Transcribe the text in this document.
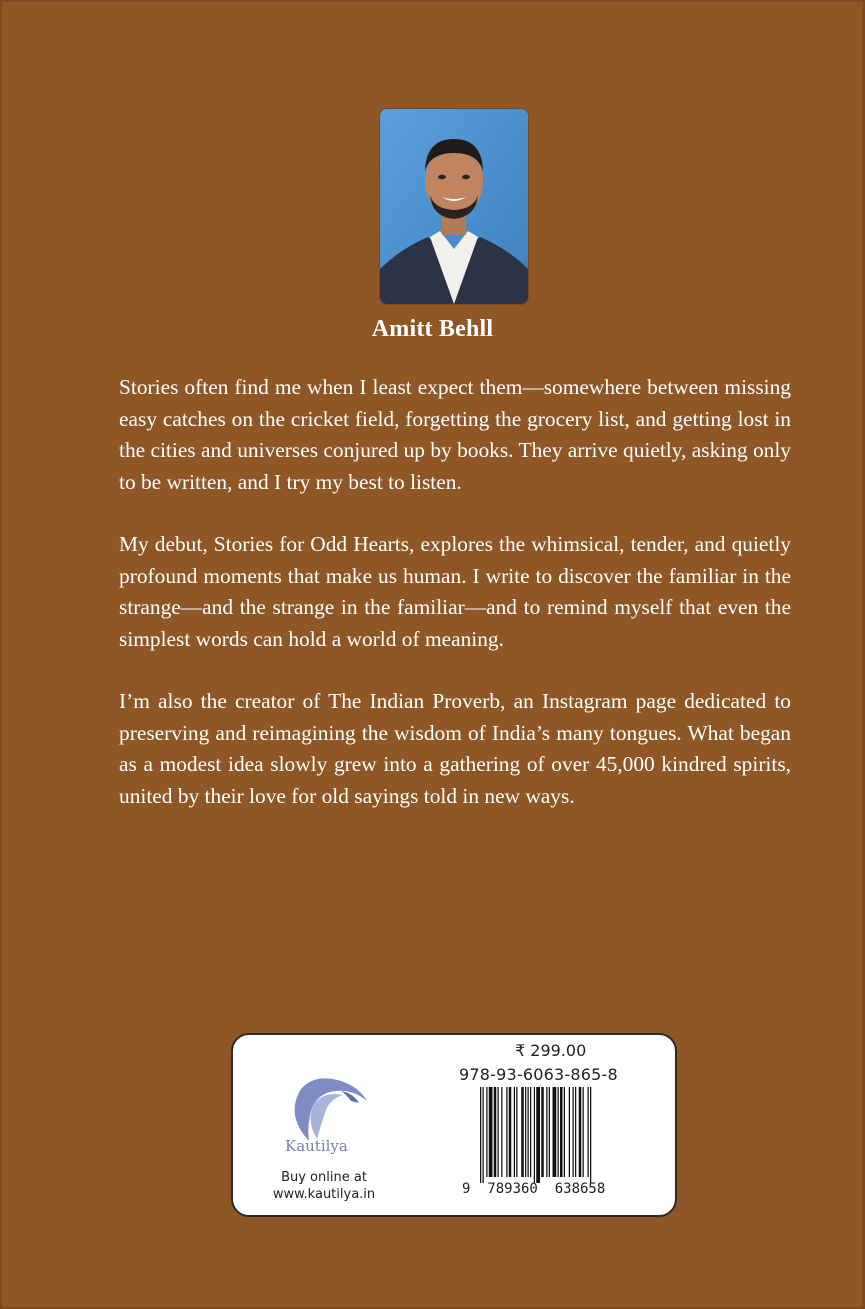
Amitt Behll

Stories often find me when I least expect them—somewhere between missing easy catches on the cricket field, forgetting the grocery list, and getting lost in the cities and universes conjured up by books. They arrive quietly, asking only to be written, and I try my best to listen.

My debut, Stories for Odd Hearts, explores the whimsical, tender, and quietly profound moments that make us human. I write to discover the familiar in the strange—and the strange in the familiar—and to remind myself that even the simplest words can hold a world of meaning.

I’m also the creator of The Indian Proverb, an Instagram page dedicated to preserving and reimagining the wisdom of India’s many tongues. What began as a modest idea slowly grew into a gathering of over 45,000 kindred spirits, united by their love for old sayings told in new ways.

Kautilya
Buy online at
www.kautilya.in
₹ 299.00
978-93-6063-865-8
9  789360  638658
